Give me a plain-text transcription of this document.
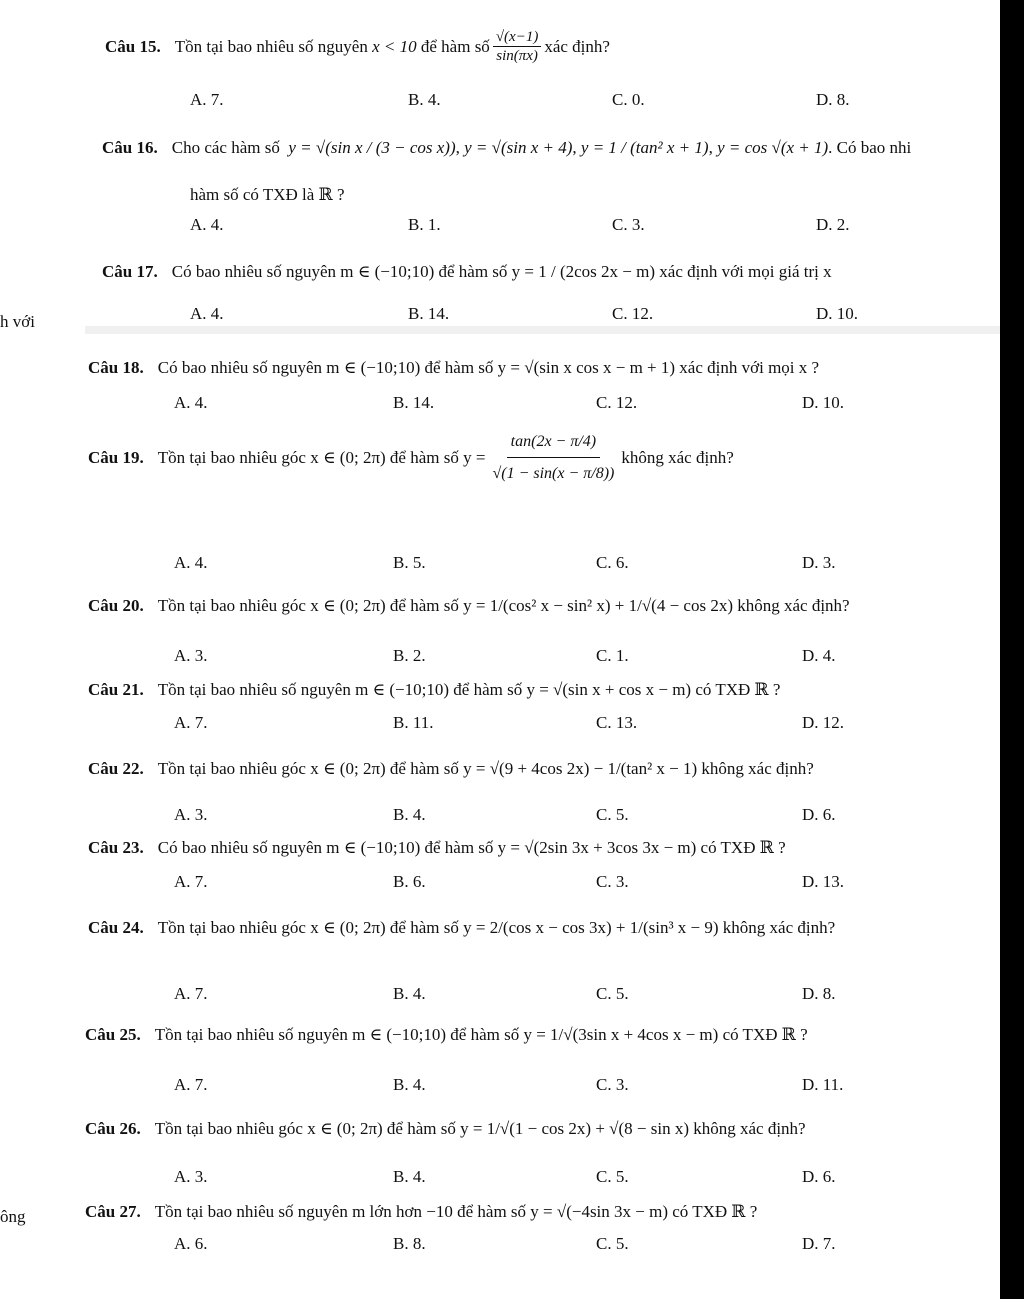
h với
ông
Câu 15. Tồn tại bao nhiêu số nguyên
x < 10
để hàm số $\frac{√(x-1)}{\sin(\pi x)}$ xác định?
A. 7.	B. 4.	C. 0.	D. 8.
Câu 16. Cho các hàm số
y = √(sin x / (3 − cos x)) , y = √(sin x + 4) , y = 1 / (tan² x + 1) , y = cos √(x + 1) . Có bao nhi
hàm số có TXĐ là ℝ ?
A. 4.	B. 1.	C. 3.	D. 2.
Câu 17. Có bao nhiêu số nguyên m ∈ (−10;10) để hàm số y = 1 / (2cos 2x − m) xác định với mọi giá trị x
A. 4.	B. 14.	C. 12.	D. 10.
Câu 18. Có bao nhiêu số nguyên m ∈ (−10;10) để hàm số y = √(sin x cos x − m + 1) xác định với mọi x ?
A. 4.	B. 14.	C. 12.	D. 10.
Câu 19. Tồn tại bao nhiêu góc x ∈ (0; 2π) để hàm số $y = \frac{\tan(2x - \pi/4)}{√(1 - \sin(x - \pi/8))}$ không xác định?
A. 4.	B. 5.	C. 6.	D. 3.
Câu 20. Tồn tại bao nhiêu góc x ∈ (0; 2π) để hàm số y = 1/(cos² x − sin² x) + 1/√(4 − cos 2x) không xác định?
A. 3.	B. 2.	C. 1.	D. 4.
Câu 21. Tồn tại bao nhiêu số nguyên m ∈ (−10;10) để hàm số y = √(sin x + cos x − m) có TXĐ ℝ ?
A. 7.	B. 11.	C. 13.	D. 12.
Câu 22. Tồn tại bao nhiêu góc x ∈ (0; 2π) để hàm số y = √(9 + 4cos 2x) − 1/(tan² x − 1) không xác định?
A. 3.	B. 4.	C. 5.	D. 6.
Câu 23. Có bao nhiêu số nguyên m ∈ (−10;10) để hàm số y = √(2sin 3x + 3cos 3x − m) có TXĐ ℝ ?
A. 7.	B. 6.	C. 3.	D. 13.
Câu 24. Tồn tại bao nhiêu góc x ∈ (0; 2π) để hàm số y = 2/(cos x − cos 3x) + 1/(sin³ x − 9) không xác định?
A. 7.	B. 4.	C. 5.	D. 8.
Câu 25. Tồn tại bao nhiêu số nguyên m ∈ (−10;10) để hàm số y = 1/√(3sin x + 4cos x − m) có TXĐ ℝ ?
A. 7.	B. 4.	C. 3.	D. 11.
Câu 26. Tồn tại bao nhiêu góc x ∈ (0; 2π) để hàm số y = 1/√(1 − cos 2x) + √(8 − sin x) không xác định?
A. 3.	B. 4.	C. 5.	D. 6.
Câu 27. Tồn tại bao nhiêu số nguyên m lớn hơn −10 để hàm số y = √(−4sin 3x − m) có TXĐ ℝ ?
A. 6.	B. 8.	C. 5.	D. 7.
